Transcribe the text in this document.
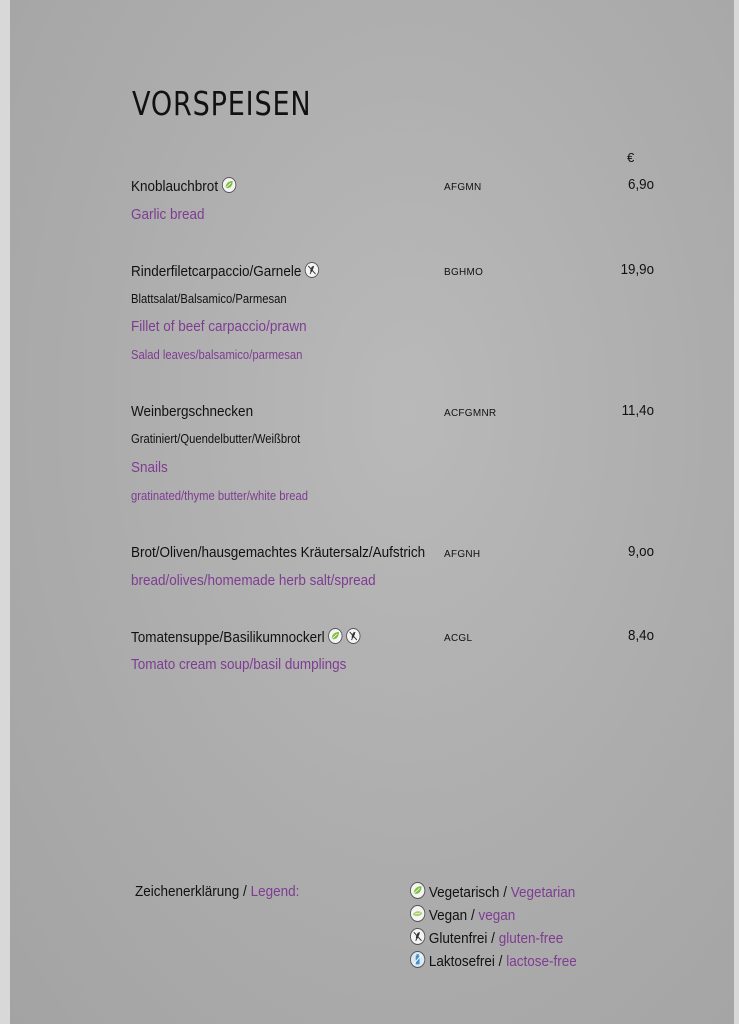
VORSPEISEN
€
Knoblauchbrot	AFGMN	6,9o
Garlic bread
Rinderfiletcarpaccio/Garnele	BGHMO	19,9o
Blattsalat/Balsamico/Parmesan
Fillet of beef carpaccio/prawn
Salad leaves/balsamico/parmesan
Weinbergschnecken	ACFGMNR	11,4o
Gratiniert/Quendelbutter/Weißbrot
Snails
gratinated/thyme butter/white bread
Brot/Oliven/hausgemachtes Kräutersalz/Aufstrich AFGNH	9,oo
bread/olives/homemade herb salt/spread
Tomatensuppe/Basilikumnockerl	ACGL	8,4o
Tomato cream soup/basil dumplings
Zeichenerklärung / Legend:	Vegetarisch / Vegetarian
Vegan / vegan
Glutenfrei / gluten-free
Laktosefrei / lactose-free
